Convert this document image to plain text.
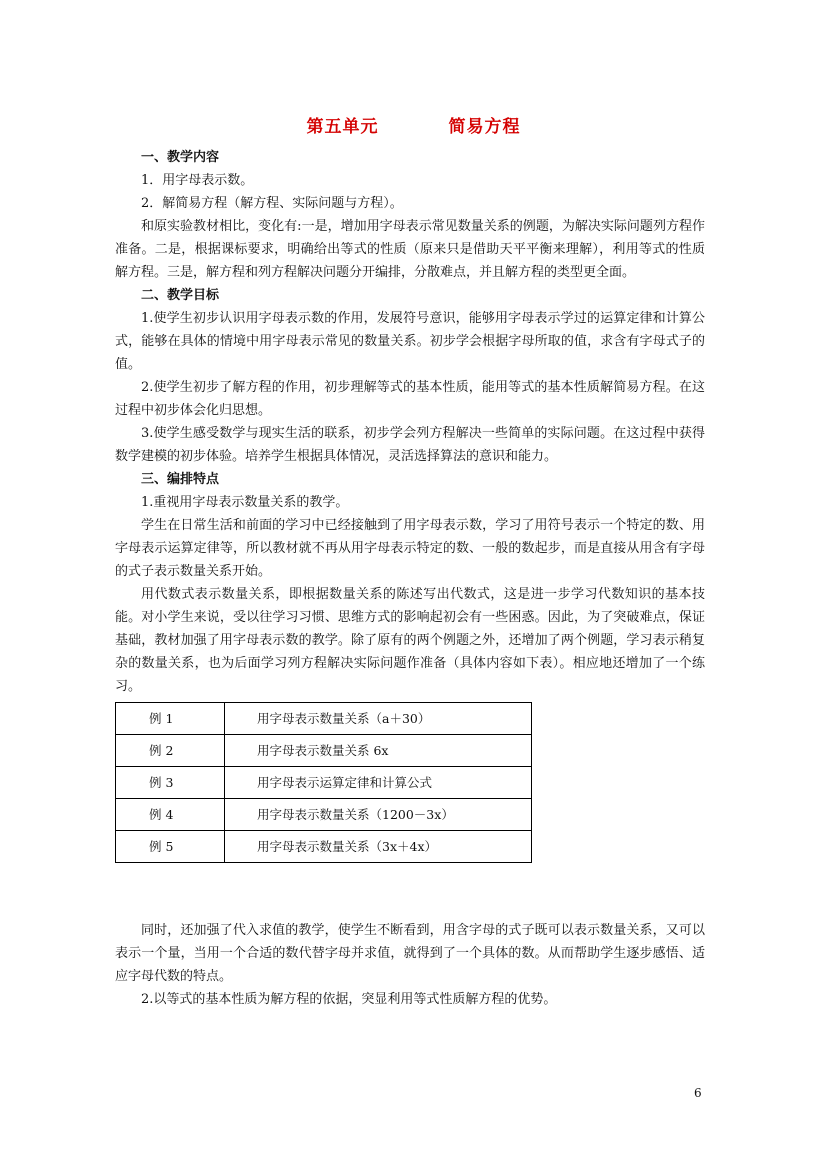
第五单元	简易方程

一、教学内容

1．用字母表示数。

2．解简易方程（解方程、实际问题与方程）。

和原实验教材相比，变化有:一是，增加用字母表示常见数量关系的例题，为解决实际问题列方程作准备。二是，根据课标要求，明确给出等式的性质（原来只是借助天平平衡来理解），利用等式的性质解方程。三是，解方程和列方程解决问题分开编排，分散难点，并且解方程的类型更全面。

二、教学目标

1.使学生初步认识用字母表示数的作用，发展符号意识，能够用字母表示学过的运算定律和计算公式，能够在具体的情境中用字母表示常见的数量关系。初步学会根据字母所取的值，求含有字母式子的值。

2.使学生初步了解方程的作用，初步理解等式的基本性质，能用等式的基本性质解简易方程。在这过程中初步体会化归思想。

3.使学生感受数学与现实生活的联系，初步学会列方程解决一些简单的实际问题。在这过程中获得数学建模的初步体验。培养学生根据具体情况，灵活选择算法的意识和能力。

三、编排特点

1.重视用字母表示数量关系的教学。

学生在日常生活和前面的学习中已经接触到了用字母表示数，学习了用符号表示一个特定的数、用字母表示运算定律等，所以教材就不再从用字母表示特定的数、一般的数起步，而是直接从用含有字母的式子表示数量关系开始。

用代数式表示数量关系，即根据数量关系的陈述写出代数式，这是进一步学习代数知识的基本技能。对小学生来说，受以往学习习惯、思维方式的影响起初会有一些困惑。因此，为了突破难点，保证基础，教材加强了用字母表示数的教学。除了原有的两个例题之外，还增加了两个例题，学习表示稍复杂的数量关系，也为后面学习列方程解决实际问题作准备（具体内容如下表）。相应地还增加了一个练习。

例 1	用字母表示数量关系（a＋30）
例 2	用字母表示数量关系 6x
例 3	用字母表示运算定律和计算公式
例 4	用字母表示数量关系（1200－3x）
例 5	用字母表示数量关系（3x＋4x）

同时，还加强了代入求值的教学，使学生不断看到，用含字母的式子既可以表示数量关系，又可以表示一个量，当用一个合适的数代替字母并求值，就得到了一个具体的数。从而帮助学生逐步感悟、适应字母代数的特点。

2.以等式的基本性质为解方程的依据，突显利用等式性质解方程的优势。

6
